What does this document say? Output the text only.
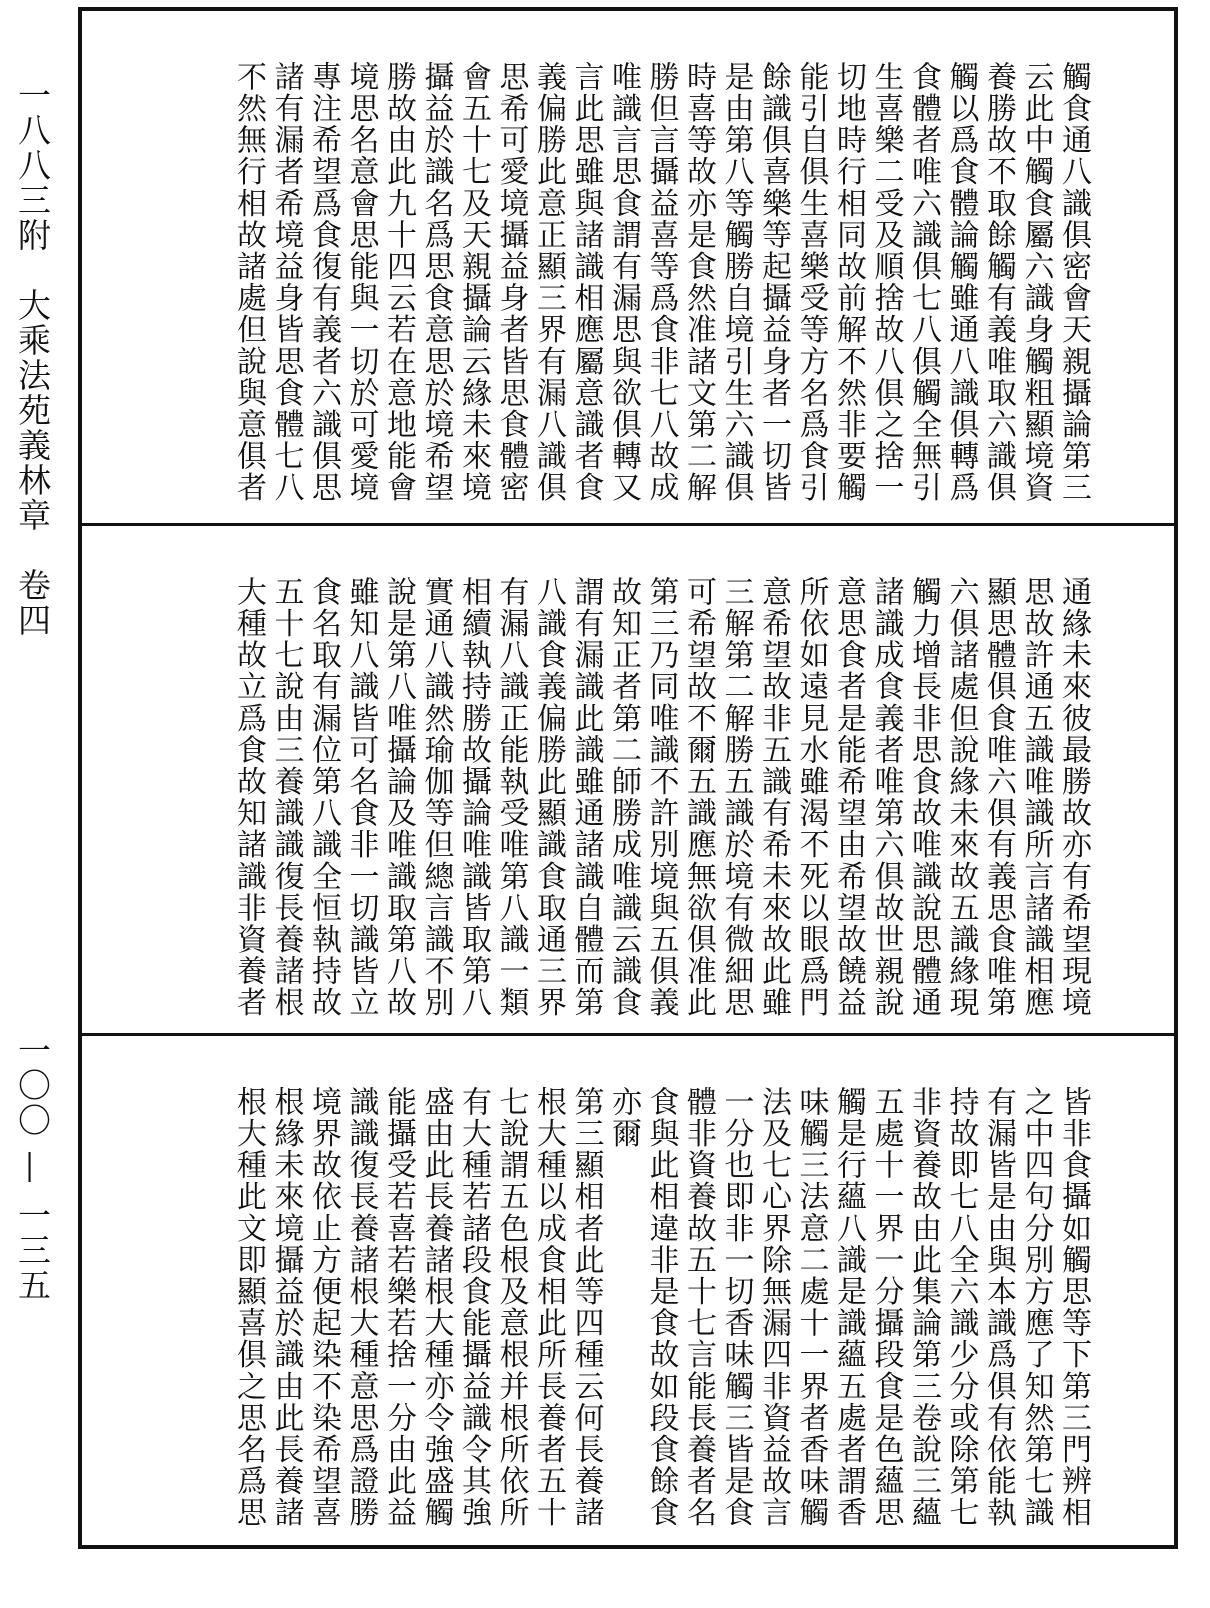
一八八三附　大乘法苑義林章　卷四
一〇〇 — 一三五
觸食通八識俱密會天親攝論第三
云此中觸食屬六識身觸粗顯境資
養勝故不取餘觸有義唯取六識俱
觸以爲食體論觸雖通八識俱轉爲
食體者唯六識俱七八俱觸全無引
生喜樂二受及順捨故八俱之捨一
切地時行相同故前解不然非要觸
能引自俱生喜樂受等方名爲食引
餘識俱喜樂等起攝益身者一切皆
是由第八等觸勝自境引生六識俱
時喜等故亦是食然准諸文第二解
勝但言攝益喜等爲食非七八故成
唯識言思食謂有漏思與欲俱轉又
言此思雖與諸識相應屬意識者食
義偏勝此意正顯三界有漏八識俱
思希可愛境攝益身者皆思食體密
會五十七及天親攝論云緣未來境
攝益於識名爲思食意思於境希望
勝故由此九十四云若在意地能會
境思名意會思能與一切於可愛境
專注希望爲食復有義者六識俱思
諸有漏者希境益身皆思食體七八
不然無行相故諸處但說與意俱者
通緣未來彼最勝故亦有希望現境
思故許通五識唯識所言諸識相應
顯思體俱食唯六俱有義思食唯第
六俱諸處但說緣未來故五識緣現
觸力增長非思食故唯識說思體通
諸識成食義者唯第六俱故世親說
意思食者是能希望由希望故饒益
所依如遠見水雖渴不死以眼爲門
意希望故非五識有希未來故此雖
三解第二解勝五識於境有微細思
可希望故不爾五識應無欲俱准此
第三乃同唯識不許別境與五俱義
故知正者第二師勝成唯識云識食
謂有漏識此識雖通諸識自體而第
八識食義偏勝此顯識食取通三界
有漏八識正能執受唯第八識一類
相續執持勝故攝論唯識皆取第八
實通八識然瑜伽等但總言識不別
說是第八唯攝論及唯識取第八故
雖知八識皆可名食非一切識皆立
食名取有漏位第八識全恒執持故
五十七說由三養識識復長養諸根
大種故立爲食故知諸識非資養者
皆非食攝如觸思等下第三門辨相
之中四句分別方應了知然第七識
有漏皆是由與本識爲俱有依能執
持故即七八全六識少分或除第七
非資養故由此集論第三卷說三蘊
五處十一界一分攝段食是色蘊思
觸是行蘊八識是識蘊五處者謂香
味觸三法意二處十一界者香味觸
法及七心界除無漏四非資益故言
一分也即非一切香味觸三皆是食
體非資養故五十七言能長養者名
食與此相違非是食故如段食餘食
亦爾
第三顯相者此等四種云何長養諸
根大種以成食相此所長養者五十
七說謂五色根及意根并根所依所
有大種若諸段食能攝益識令其強
盛由此長養諸根大種亦令強盛觸
能攝受若喜若樂若捨一分由此益
識識復長養諸根大種意思爲證勝
境界故依止方便起染不染希望喜
根緣未來境攝益於識由此長養諸
根大種此文即顯喜俱之思名爲思
